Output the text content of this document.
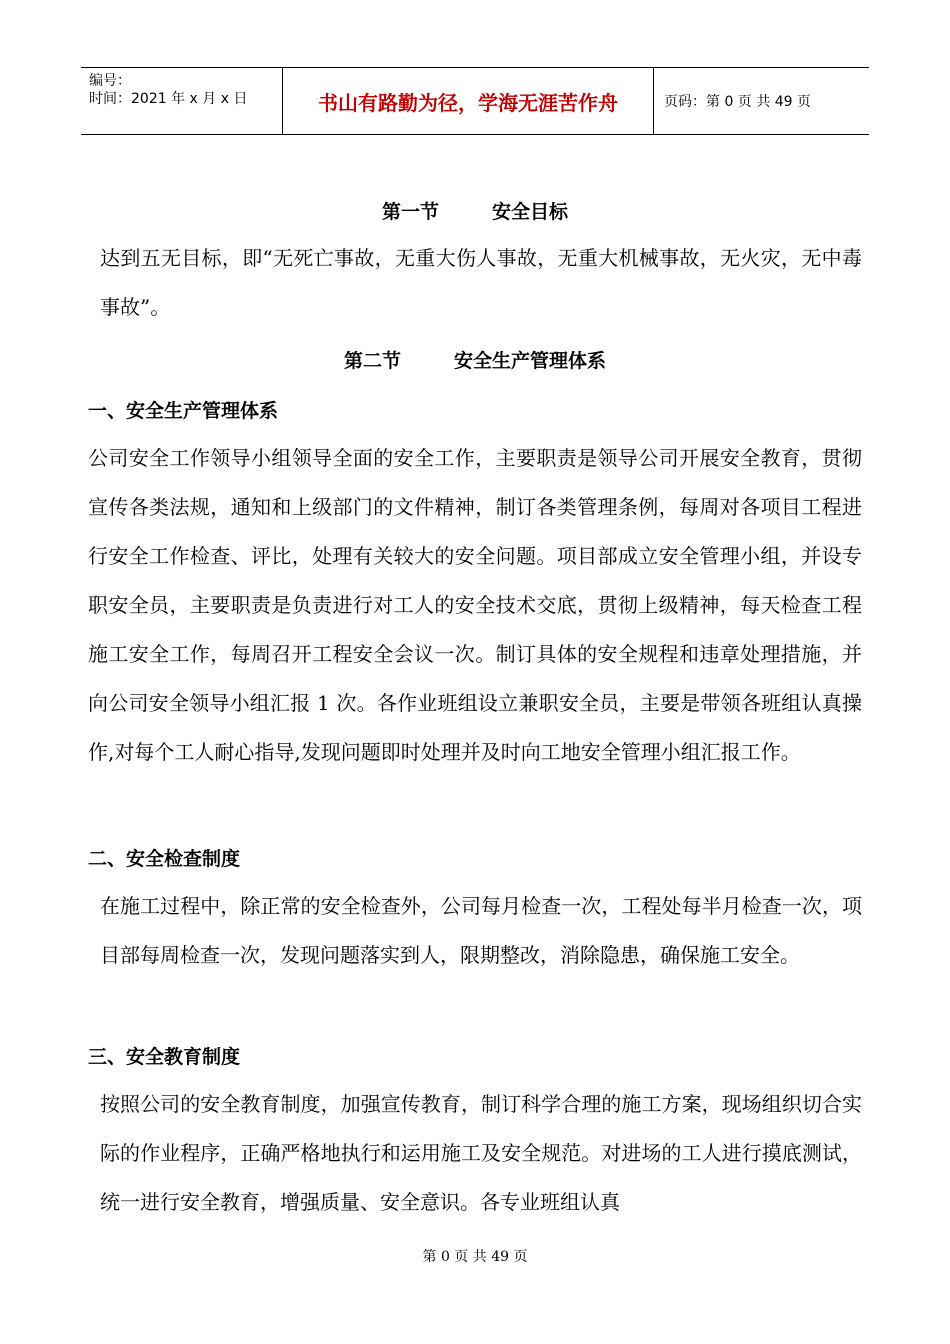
编号：
时间：2021 年 x 月 x 日	书山有路勤为径，学海无涯苦作舟	页码：第 0 页 共 49 页
第一节        安全目标

达到五无目标，即“无死亡事故，无重大伤人事故，无重大机械事故，无火灾，无中毒事故”。

第二节        安全生产管理体系
一、安全生产管理体系

公司安全工作领导小组领导全面的安全工作，主要职责是领导公司开展安全教育，贯彻宣传各类法规，通知和上级部门的文件精神，制订各类管理条例，每周对各项目工程进行安全工作检查、评比，处理有关较大的安全问题。项目部成立安全管理小组，并设专职安全员，主要职责是负责进行对工人的安全技术交底，贯彻上级精神，每天检查工程施工安全工作，每周召开工程安全会议一次。制订具体的安全规程和违章处理措施，并向公司安全领导小组汇报 1 次。各作业班组设立兼职安全员，主要是带领各班组认真操作,对每个工人耐心指导,发现问题即时处理并及时向工地安全管理小组汇报工作。

二、安全检查制度

在施工过程中，除正常的安全检查外，公司每月检查一次，工程处每半月检查一次，项目部每周检查一次，发现问题落实到人，限期整改，消除隐患，确保施工安全。

三、安全教育制度

按照公司的安全教育制度，加强宣传教育，制订科学合理的施工方案，现场组织切合实际的作业程序，正确严格地执行和运用施工及安全规范。对进场的工人进行摸底测试，统一进行安全教育，增强质量、安全意识。各专业班组认真

第 0 页 共 49 页
